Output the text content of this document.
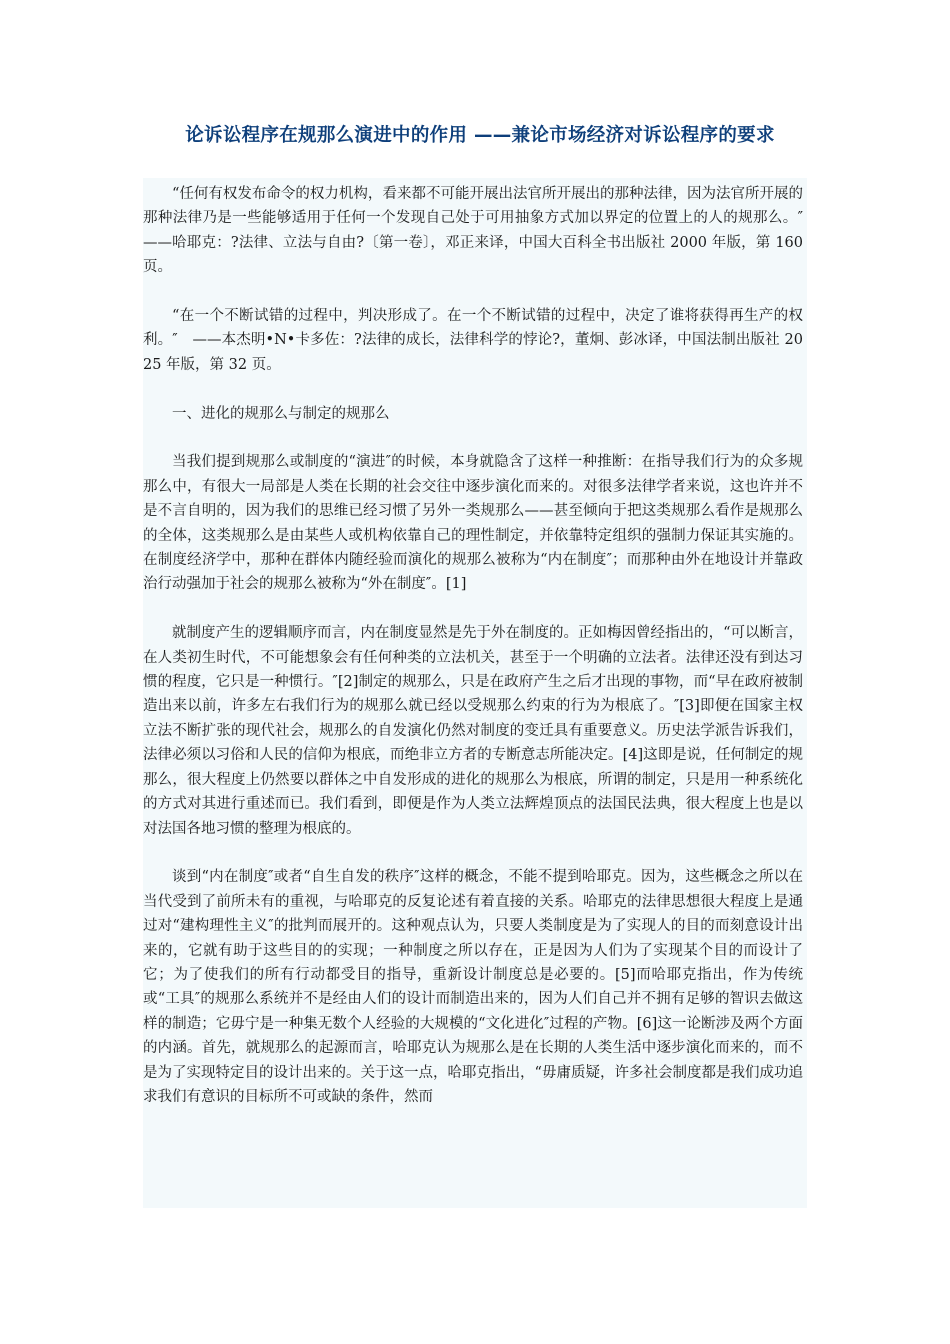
论诉讼程序在规那么演进中的作用 ——兼论市场经济对诉讼程序的要求

“任何有权发布命令的权力机构，看来都不可能开展出法官所开展出的那种法律，因为法官所开展的那种法律乃是一些能够适用于任何一个发现自己处于可用抽象方式加以界定的位置上的人的规那么。″　——哈耶克：?法律、立法与自由?〔第一卷〕，邓正来译，中国大百科全书出版社 2000 年版，第 160 页。

“在一个不断试错的过程中，判决形成了。在一个不断试错的过程中，决定了谁将获得再生产的权利。″　——本杰明•N•卡多佐：?法律的成长，法律科学的悖论?，董炯、彭冰译，中国法制出版社 2025 年版，第 32 页。

一、进化的规那么与制定的规那么

当我们提到规那么或制度的“演进″的时候，本身就隐含了这样一种推断：在指导我们行为的众多规那么中，有很大一局部是人类在长期的社会交往中逐步演化而来的。对很多法律学者来说，这也许并不是不言自明的，因为我们的思维已经习惯了另外一类规那么——甚至倾向于把这类规那么看作是规那么的全体，这类规那么是由某些人或机构依靠自己的理性制定，并依靠特定组织的强制力保证其实施的。在制度经济学中，那种在群体内随经验而演化的规那么被称为“内在制度″；而那种由外在地设计并靠政治行动强加于社会的规那么被称为“外在制度″。[1]

就制度产生的逻辑顺序而言，内在制度显然是先于外在制度的。正如梅因曾经指出的，“可以断言，在人类初生时代，不可能想象会有任何种类的立法机关，甚至于一个明确的立法者。法律还没有到达习惯的程度，它只是一种惯行。″[2]制定的规那么，只是在政府产生之后才出现的事物，而“早在政府被制造出来以前，许多左右我们行为的规那么就已经以受规那么约束的行为为根底了。″[3]即便在国家主权立法不断扩张的现代社会，规那么的自发演化仍然对制度的变迁具有重要意义。历史法学派告诉我们，法律必须以习俗和人民的信仰为根底，而绝非立方者的专断意志所能决定。[4]这即是说，任何制定的规那么，很大程度上仍然要以群体之中自发形成的进化的规那么为根底，所谓的制定，只是用一种系统化的方式对其进行重述而已。我们看到，即便是作为人类立法辉煌顶点的法国民法典，很大程度上也是以对法国各地习惯的整理为根底的。

谈到“内在制度″或者“自生自发的秩序″这样的概念，不能不提到哈耶克。因为，这些概念之所以在当代受到了前所未有的重视，与哈耶克的反复论述有着直接的关系。哈耶克的法律思想很大程度上是通过对“建构理性主义″的批判而展开的。这种观点认为，只要人类制度是为了实现人的目的而刻意设计出来的，它就有助于这些目的的实现；一种制度之所以存在，正是因为人们为了实现某个目的而设计了它；为了使我们的所有行动都受目的指导，重新设计制度总是必要的。[5]而哈耶克指出，作为传统或“工具″的规那么系统并不是经由人们的设计而制造出来的，因为人们自己并不拥有足够的智识去做这样的制造；它毋宁是一种集无数个人经验的大规模的“文化进化″过程的产物。[6]这一论断涉及两个方面的内涵。首先，就规那么的起源而言，哈耶克认为规那么是在长期的人类生活中逐步演化而来的，而不是为了实现特定目的设计出来的。关于这一点，哈耶克指出，“毋庸质疑，许多社会制度都是我们成功追求我们有意识的目标所不可或缺的条件，然而
